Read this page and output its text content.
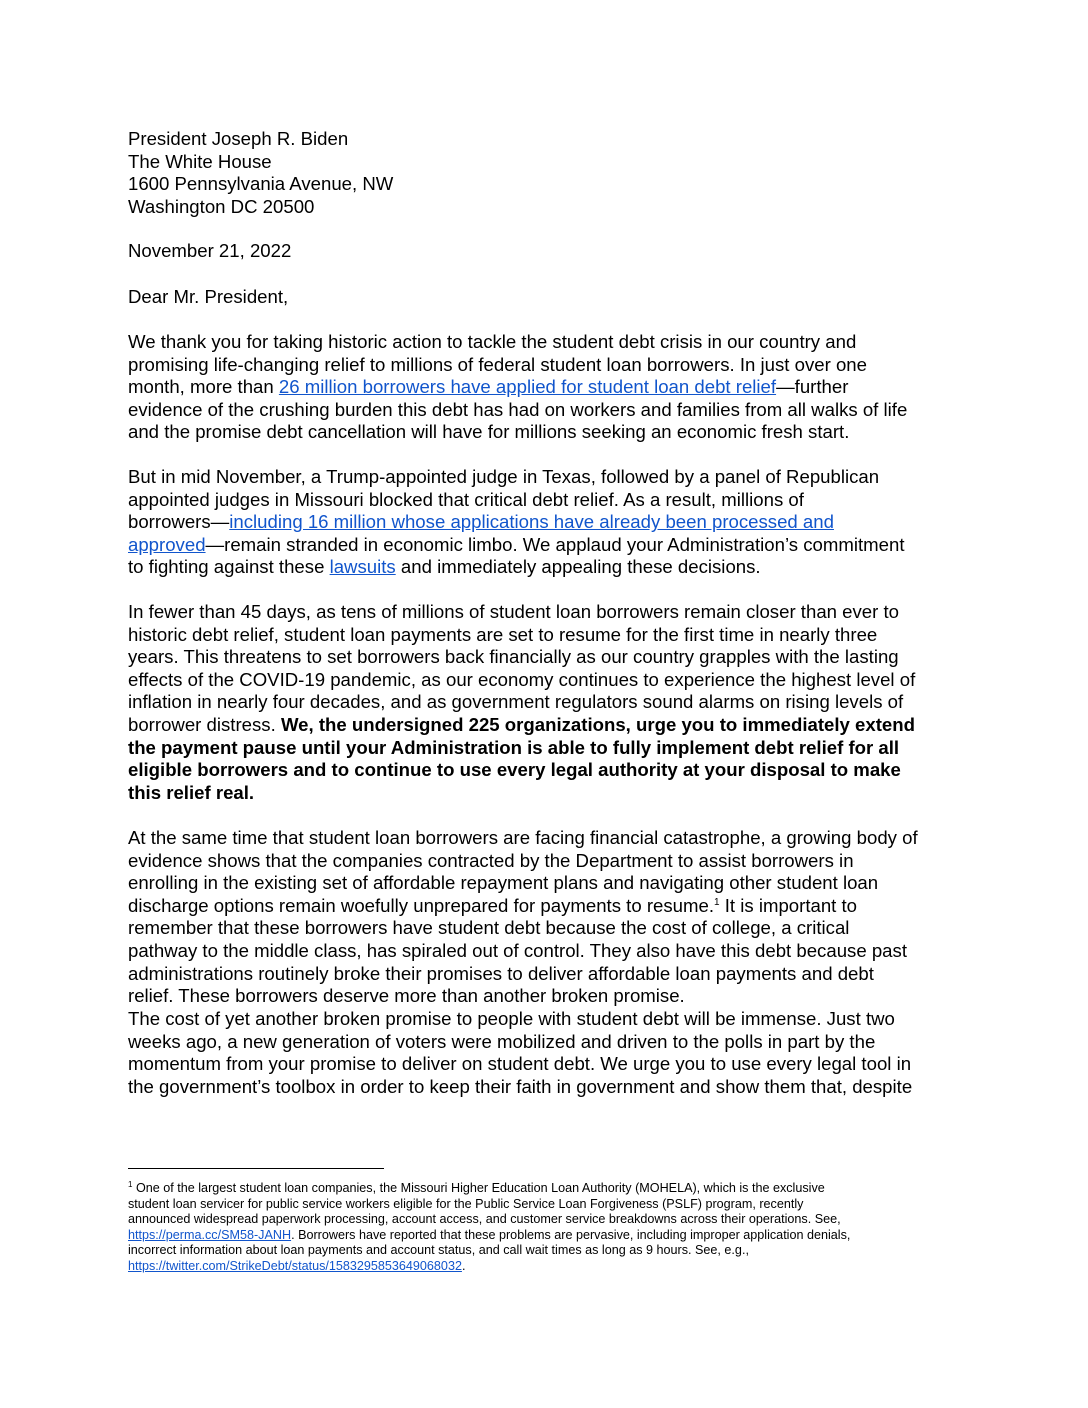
President Joseph R. Biden
The White House
1600 Pennsylvania Avenue, NW
Washington DC 20500
November 21, 2022
Dear Mr. President,
We thank you for taking historic action to tackle the student debt crisis in our country and
promising life-changing relief to millions of federal student loan borrowers. In just over one
month, more than 26 million borrowers have applied for student loan debt relief—further
evidence of the crushing burden this debt has had on workers and families from all walks of life
and the promise debt cancellation will have for millions seeking an economic fresh start.
But in mid November, a Trump-appointed judge in Texas, followed by a panel of Republican
appointed judges in Missouri blocked that critical debt relief. As a result, millions of
borrowers—including 16 million whose applications have already been processed and
approved—remain stranded in economic limbo. We applaud your Administration’s commitment
to fighting against these lawsuits and immediately appealing these decisions.
In fewer than 45 days, as tens of millions of student loan borrowers remain closer than ever to
historic debt relief, student loan payments are set to resume for the first time in nearly three
years. This threatens to set borrowers back financially as our country grapples with the lasting
effects of the COVID-19 pandemic, as our economy continues to experience the highest level of
inflation in nearly four decades, and as government regulators sound alarms on rising levels of
borrower distress. We, the undersigned 225 organizations, urge you to immediately extend
the payment pause until your Administration is able to fully implement debt relief for all
eligible borrowers and to continue to use every legal authority at your disposal to make
this relief real.
At the same time that student loan borrowers are facing financial catastrophe, a growing body of
evidence shows that the companies contracted by the Department to assist borrowers in
enrolling in the existing set of affordable repayment plans and navigating other student loan
discharge options remain woefully unprepared for payments to resume.$^1$ It is important to
remember that these borrowers have student debt because the cost of college, a critical
pathway to the middle class, has spiraled out of control. They also have this debt because past
administrations routinely broke their promises to deliver affordable loan payments and debt
relief. These borrowers deserve more than another broken promise.
The cost of yet another broken promise to people with student debt will be immense. Just two
weeks ago, a new generation of voters were mobilized and driven to the polls in part by the
momentum from your promise to deliver on student debt. We urge you to use every legal tool in
the government’s toolbox in order to keep their faith in government and show them that, despite
$^1$ One of the largest student loan companies, the Missouri Higher Education Loan Authority (MOHELA), which is the exclusive
student loan servicer for public service workers eligible for the Public Service Loan Forgiveness (PSLF) program, recently
announced widespread paperwork processing, account access, and customer service breakdowns across their operations. See,
https://perma.cc/SM58-JANH. Borrowers have reported that these problems are pervasive, including improper application denials,
incorrect information about loan payments and account status, and call wait times as long as 9 hours. See, e.g.,
https://twitter.com/StrikeDebt/status/1583295853649068032.
